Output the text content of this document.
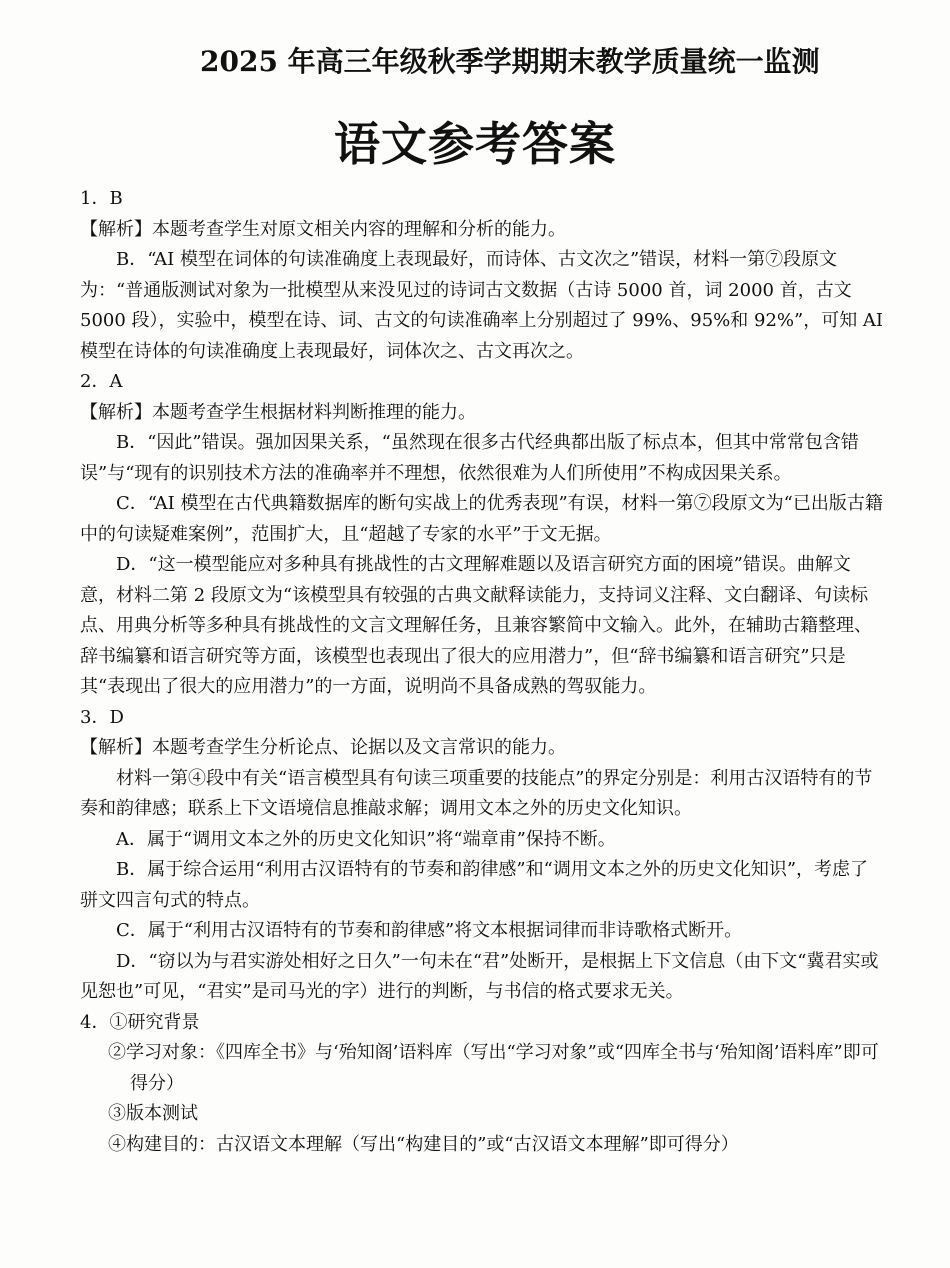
2025 年高三年级秋季学期期末教学质量统一监测
语文参考答案

1．B

【解析】本题考查学生对原文相关内容的理解和分析的能力。

B．“AI 模型在词体的句读准确度上表现最好，而诗体、古文次之”错误，材料一第⑦段原文为：“普通版测试对象为一批模型从来没见过的诗词古文数据（古诗 5000 首，词 2000 首，古文 5000 段），实验中，模型在诗、词、古文的句读准确率上分别超过了 99%、95%和 92%”，可知 AI 模型在诗体的句读准确度上表现最好，词体次之、古文再次之。

2．A

【解析】本题考查学生根据材料判断推理的能力。

B．“因此”错误。强加因果关系，“虽然现在很多古代经典都出版了标点本，但其中常常包含错误”与“现有的识别技术方法的准确率并不理想，依然很难为人们所使用”不构成因果关系。

C．“AI 模型在古代典籍数据库的断句实战上的优秀表现”有误，材料一第⑦段原文为“已出版古籍中的句读疑难案例”，范围扩大，且“超越了专家的水平”于文无据。

D．“这一模型能应对多种具有挑战性的古文理解难题以及语言研究方面的困境”错误。曲解文意，材料二第 2 段原文为“该模型具有较强的古典文献释读能力，支持词义注释、文白翻译、句读标点、用典分析等多种具有挑战性的文言文理解任务，且兼容繁简中文输入。此外，在辅助古籍整理、辞书编纂和语言研究等方面，该模型也表现出了很大的应用潜力”，但“辞书编纂和语言研究”只是其“表现出了很大的应用潜力”的一方面，说明尚不具备成熟的驾驭能力。

3．D

【解析】本题考查学生分析论点、论据以及文言常识的能力。

材料一第④段中有关“语言模型具有句读三项重要的技能点”的界定分别是：利用古汉语特有的节奏和韵律感；联系上下文语境信息推敲求解；调用文本之外的历史文化知识。

A．属于“调用文本之外的历史文化知识”将“端章甫”保持不断。

B．属于综合运用“利用古汉语特有的节奏和韵律感”和“调用文本之外的历史文化知识”，考虑了骈文四言句式的特点。

C．属于“利用古汉语特有的节奏和韵律感”将文本根据词律而非诗歌格式断开。

D．“窃以为与君实游处相好之日久”一句未在“君”处断开，是根据上下文信息（由下文“冀君实或见恕也”可见，“君实”是司马光的字）进行的判断，与书信的格式要求无关。

4．①研究背景

②学习对象：《四库全书》与‘殆知阁’语料库（写出“学习对象”或“四库全书与‘殆知阁’语料库”即可得分）

③版本测试

④构建目的：古汉语文本理解（写出“构建目的”或“古汉语文本理解”即可得分）
